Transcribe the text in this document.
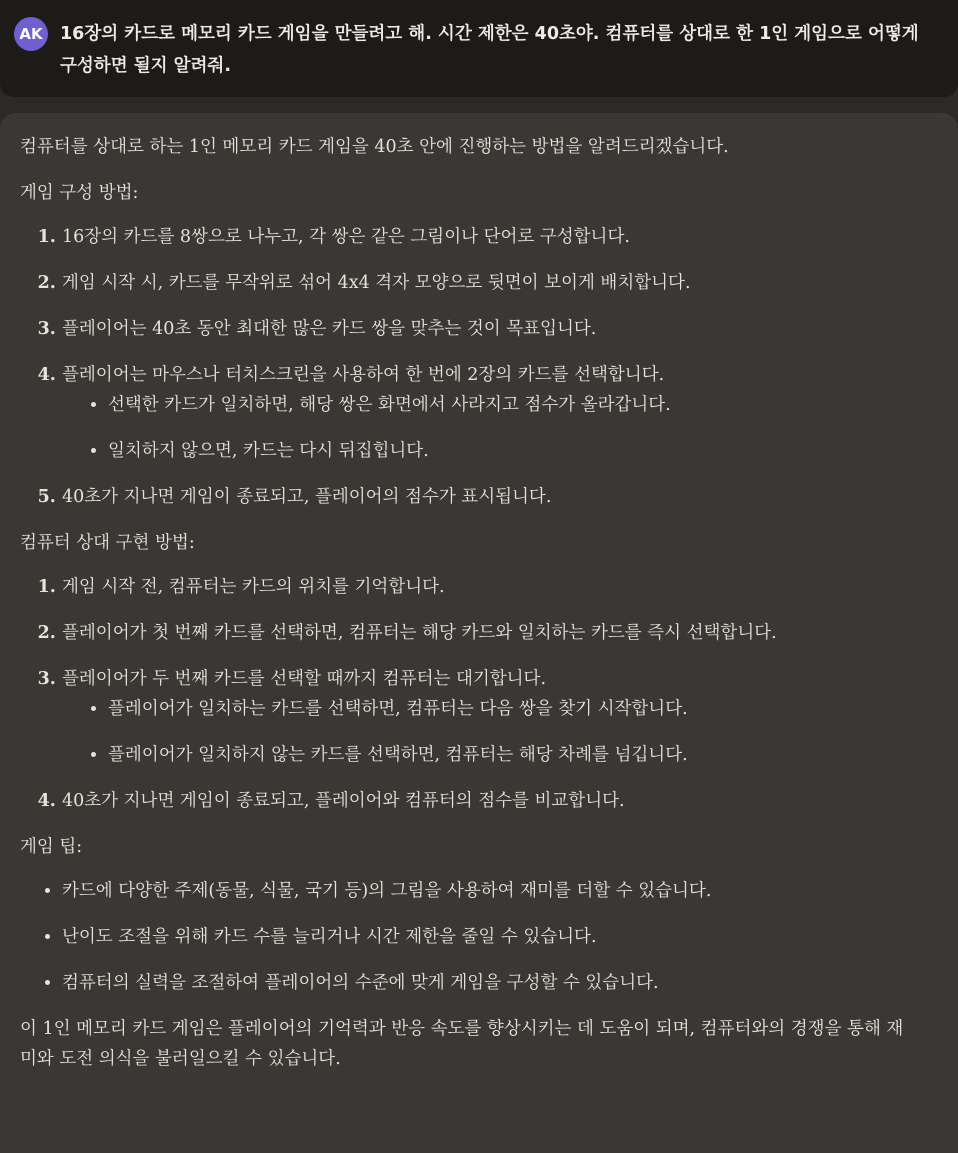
AK 16장의 카드로 메모리 카드 게임을 만들려고 해. 시간 제한은 40초야. 컴퓨터를 상대로 한 1인 게임으로 어떻게 구성하면 될지 알려줘.

컴퓨터를 상대로 하는 1인 메모리 카드 게임을 40초 안에 진행하는 방법을 알려드리겠습니다.

게임 구성 방법:

1. 16장의 카드를 8쌍으로 나누고, 각 쌍은 같은 그림이나 단어로 구성합니다.
2. 게임 시작 시, 카드를 무작위로 섞어 4x4 격자 모양으로 뒷면이 보이게 배치합니다.
3. 플레이어는 40초 동안 최대한 많은 카드 쌍을 맞추는 것이 목표입니다.
4. 플레이어는 마우스나 터치스크린을 사용하여 한 번에 2장의 카드를 선택합니다.
• 선택한 카드가 일치하면, 해당 쌍은 화면에서 사라지고 점수가 올라갑니다.
• 일치하지 않으면, 카드는 다시 뒤집힙니다.
5. 40초가 지나면 게임이 종료되고, 플레이어의 점수가 표시됩니다.

컴퓨터 상대 구현 방법:

1. 게임 시작 전, 컴퓨터는 카드의 위치를 기억합니다.
2. 플레이어가 첫 번째 카드를 선택하면, 컴퓨터는 해당 카드와 일치하는 카드를 즉시 선택합니다.
3. 플레이어가 두 번째 카드를 선택할 때까지 컴퓨터는 대기합니다.
• 플레이어가 일치하는 카드를 선택하면, 컴퓨터는 다음 쌍을 찾기 시작합니다.
• 플레이어가 일치하지 않는 카드를 선택하면, 컴퓨터는 해당 차례를 넘깁니다.
4. 40초가 지나면 게임이 종료되고, 플레이어와 컴퓨터의 점수를 비교합니다.

게임 팁:

• 카드에 다양한 주제(동물, 식물, 국기 등)의 그림을 사용하여 재미를 더할 수 있습니다.
• 난이도 조절을 위해 카드 수를 늘리거나 시간 제한을 줄일 수 있습니다.
• 컴퓨터의 실력을 조절하여 플레이어의 수준에 맞게 게임을 구성할 수 있습니다.

이 1인 메모리 카드 게임은 플레이어의 기억력과 반응 속도를 향상시키는 데 도움이 되며, 컴퓨터와의 경쟁을 통해 재미와 도전 의식을 불러일으킬 수 있습니다.
